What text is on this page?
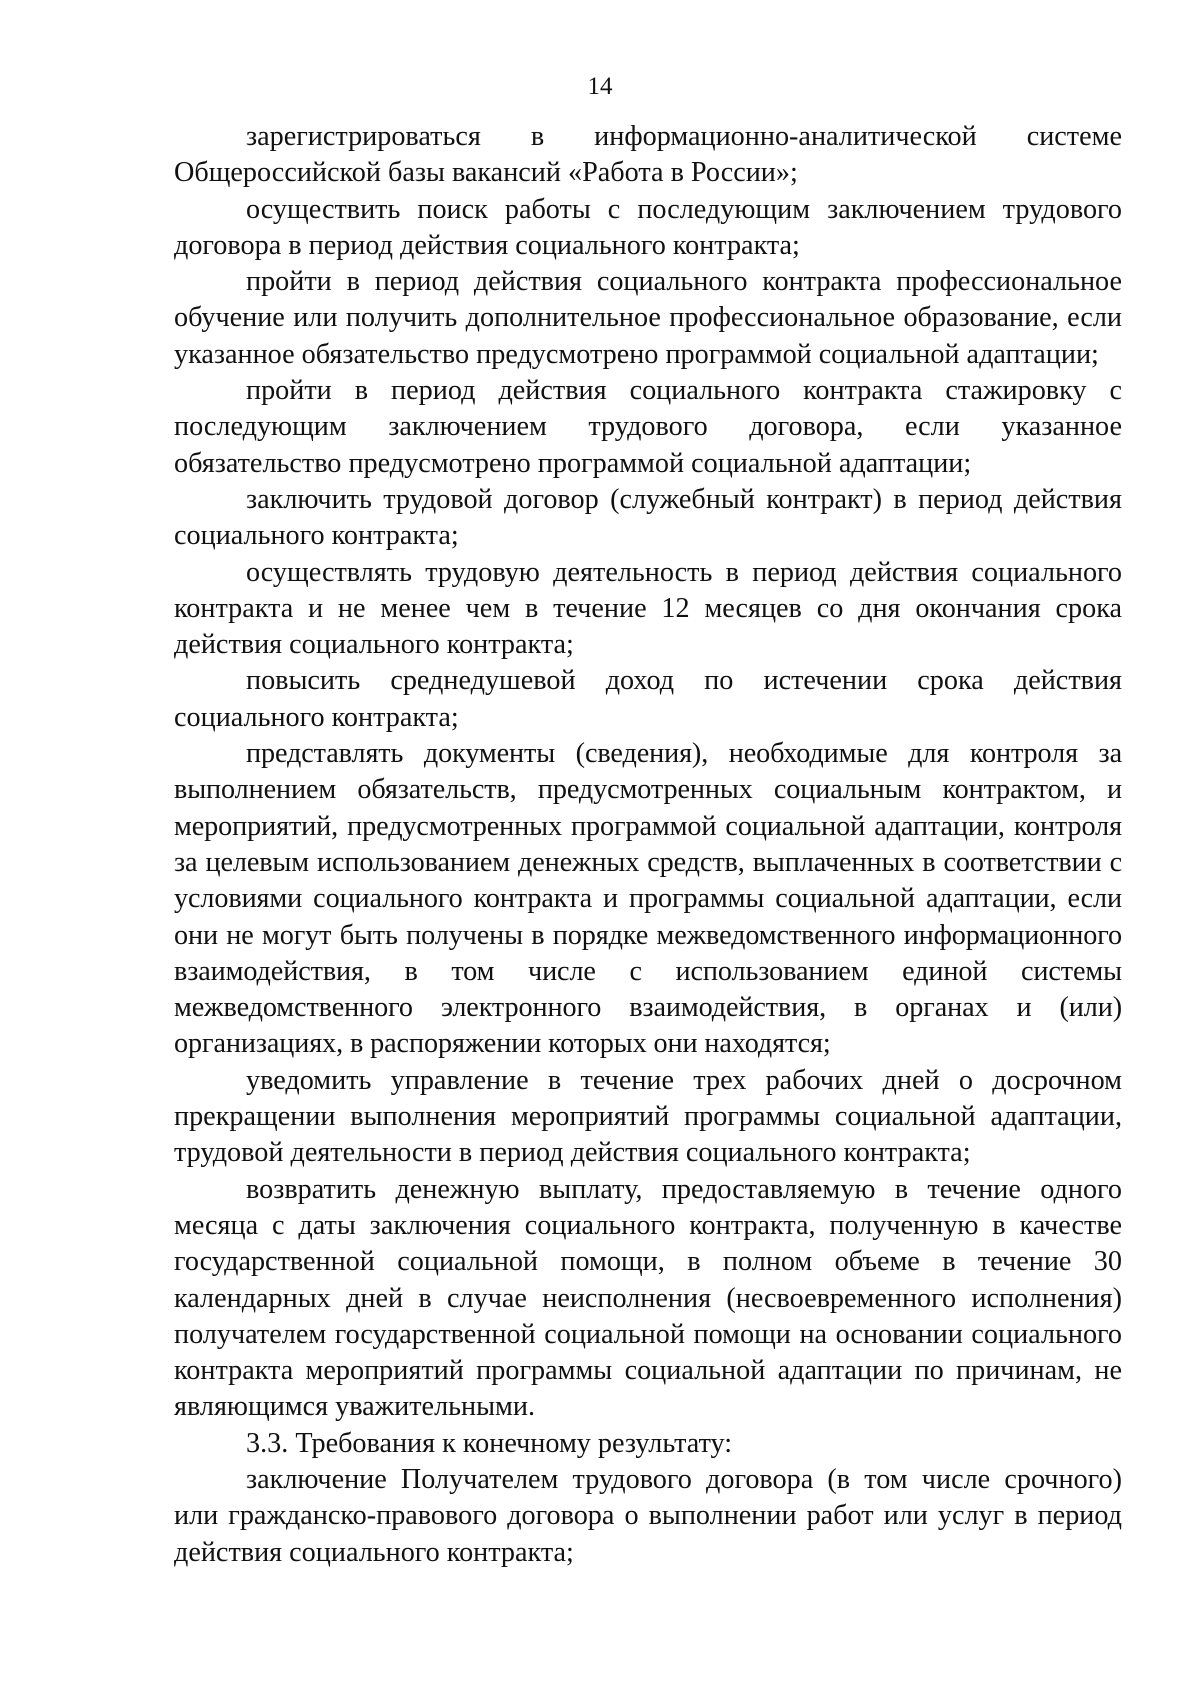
14

зарегистрироваться в информационно-аналитической системе Общероссийской базы вакансий «Работа в России»;

осуществить поиск работы с последующим заключением трудового договора в период действия социального контракта;

пройти в период действия социального контракта профессиональное обучение или получить дополнительное профессиональное образование, если указанное обязательство предусмотрено программой социальной адаптации;

пройти в период действия социального контракта стажировку с последующим заключением трудового договора, если указанное обязательство предусмотрено программой социальной адаптации;

заключить трудовой договор (служебный контракт) в период действия социального контракта;

осуществлять трудовую деятельность в период действия социального контракта и не менее чем в течение 12 месяцев со дня окончания срока действия социального контракта;

повысить среднедушевой доход по истечении срока действия социального контракта;

представлять документы (сведения), необходимые для контроля за выполнением обязательств, предусмотренных социальным контрактом, и мероприятий, предусмотренных программой социальной адаптации, контроля за целевым использованием денежных средств, выплаченных в соответствии с условиями социального контракта и программы социальной адаптации, если они не могут быть получены в порядке межведомственного информационного взаимодействия, в том числе с использованием единой системы межведомственного электронного взаимодействия, в органах и (или) организациях, в распоряжении которых они находятся;

уведомить управление в течение трех рабочих дней о досрочном прекращении выполнения мероприятий программы социальной адаптации, трудовой деятельности в период действия социального контракта;

возвратить денежную выплату, предоставляемую в течение одного месяца с даты заключения социального контракта, полученную в качестве государственной социальной помощи, в полном объеме в течение 30 календарных дней в случае неисполнения (несвоевременного исполнения) получателем государственной социальной помощи на основании социального контракта мероприятий программы социальной адаптации по причинам, не являющимся уважительными.

3.3. Требования к конечному результату:

заключение Получателем трудового договора (в том числе срочного) или гражданско-правового договора о выполнении работ или услуг в период действия социального контракта;
